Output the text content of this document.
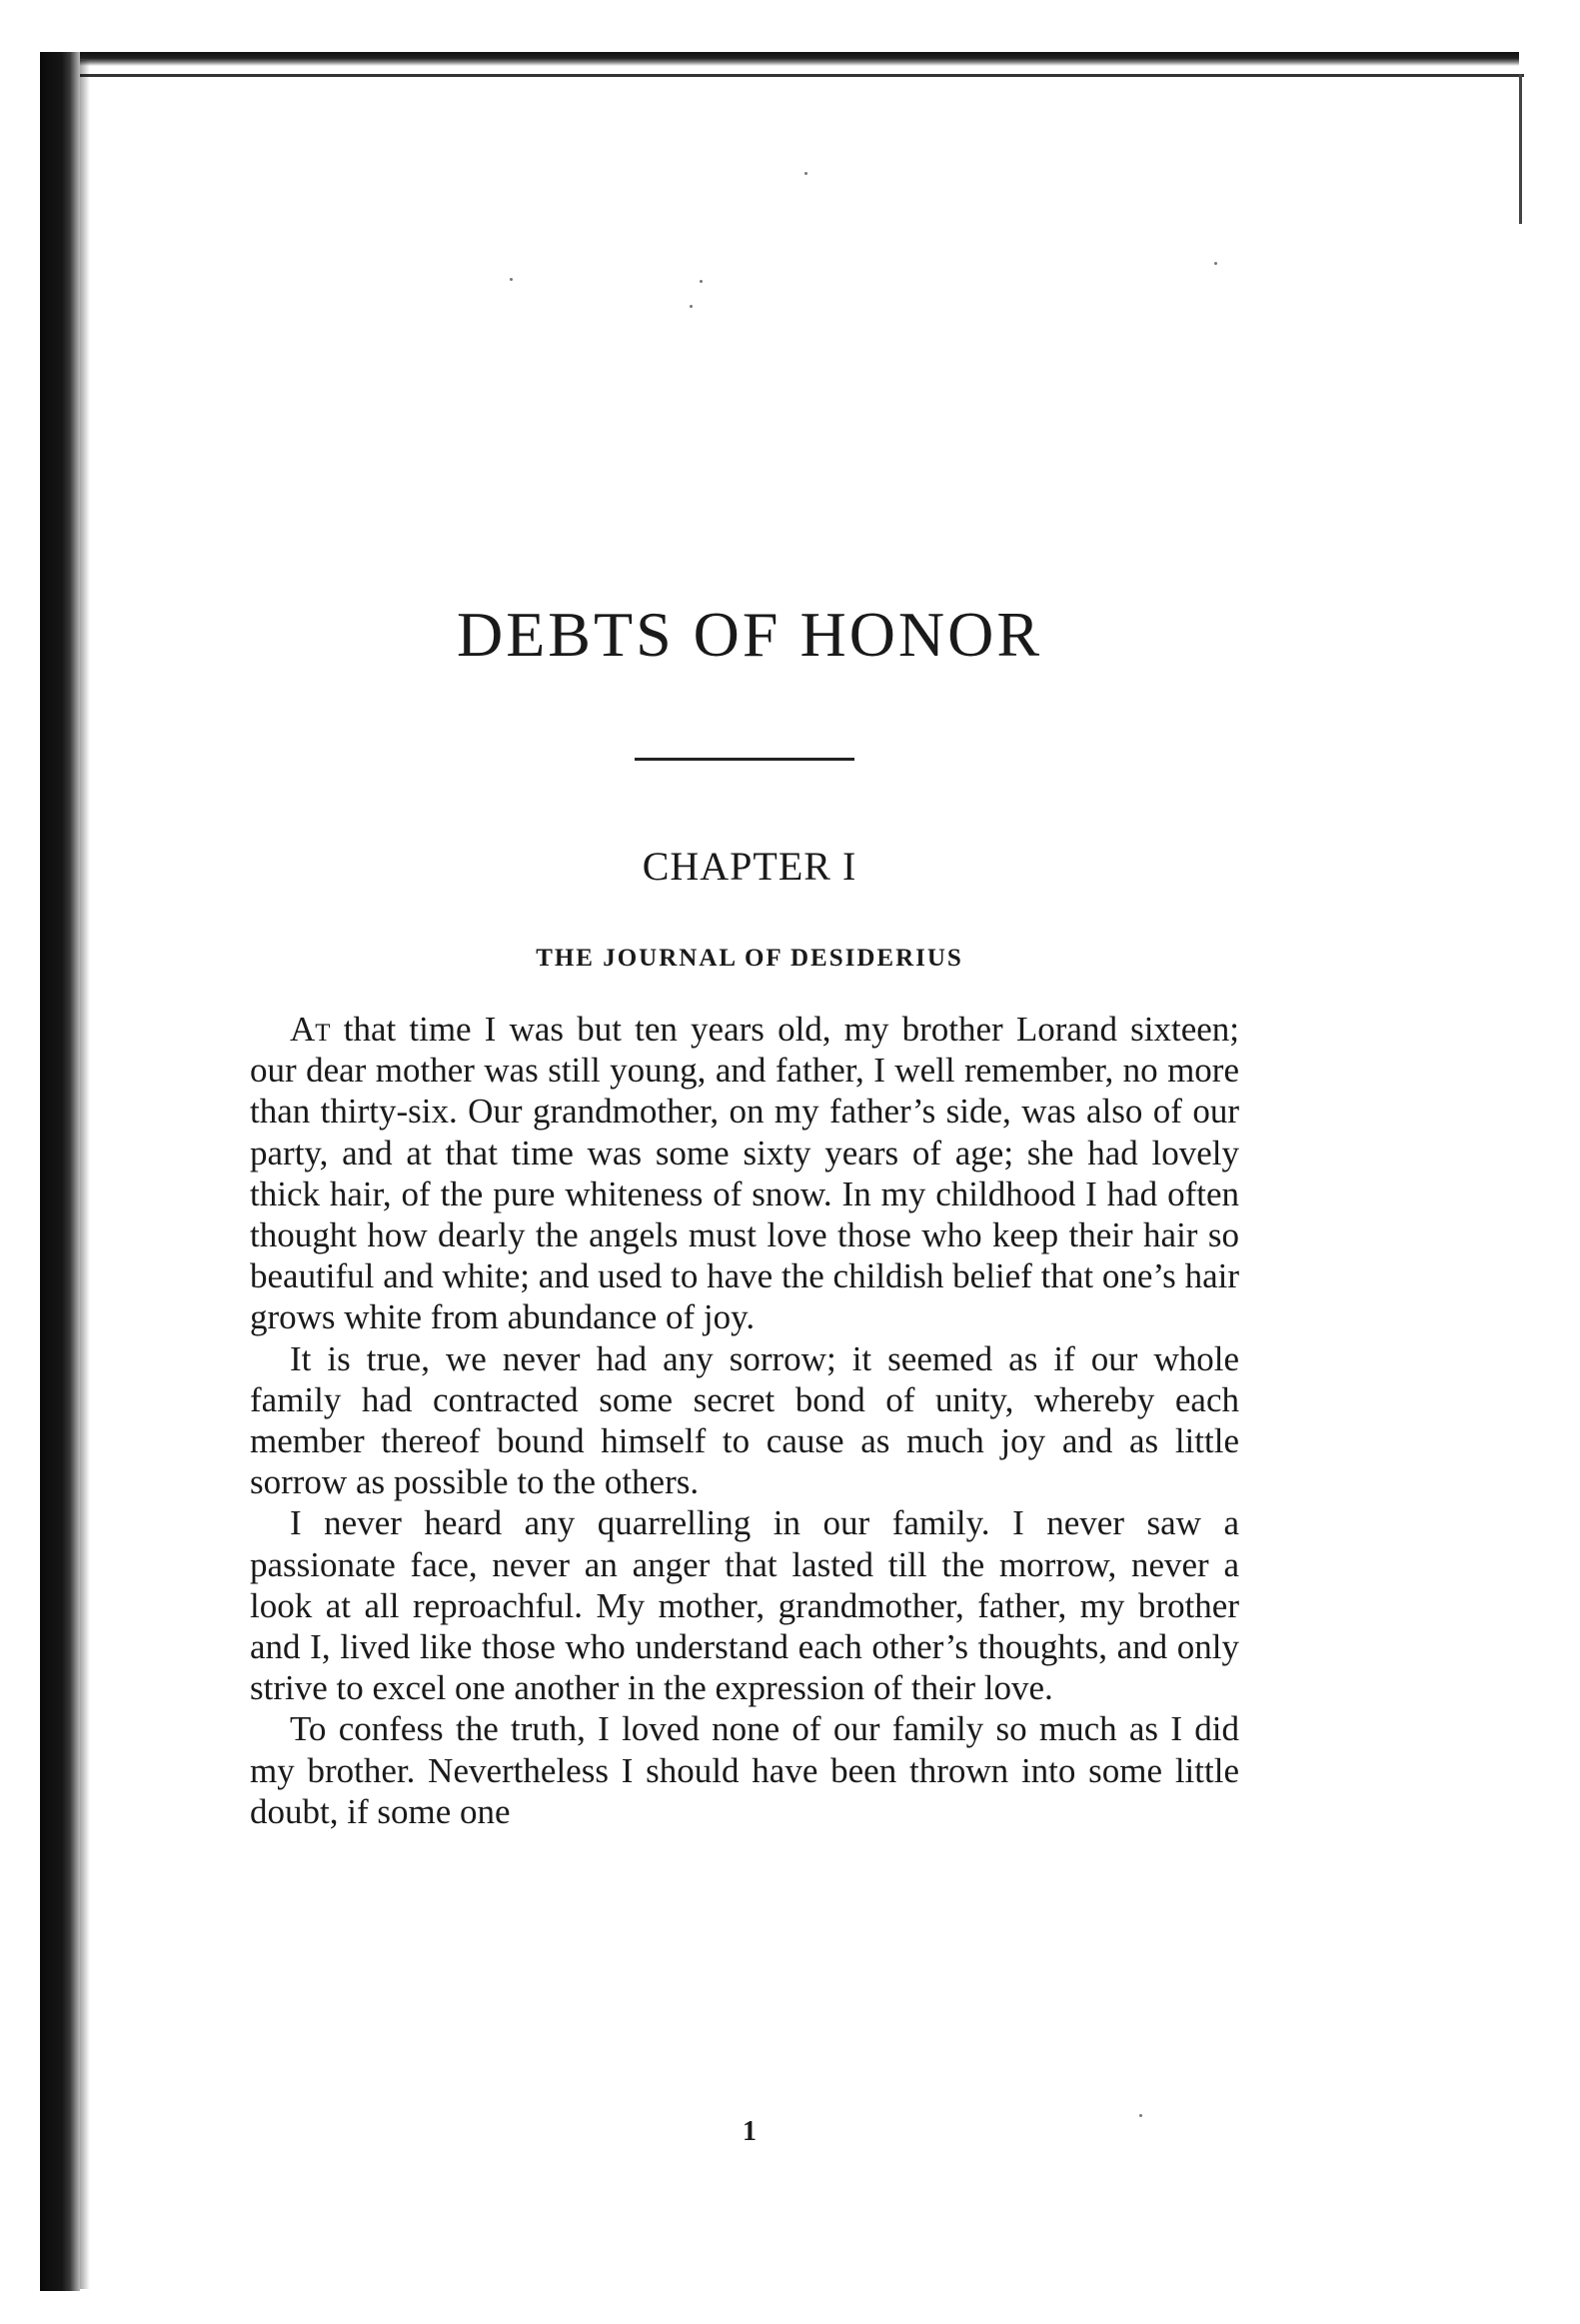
DEBTS OF HONOR
CHAPTER I
THE JOURNAL OF DESIDERIUS

At that time I was but ten years old, my brother Lorand sixteen; our dear mother was still young, and father, I well remember, no more than thirty-six. Our grandmother, on my father’s side, was also of our party, and at that time was some sixty years of age; she had lovely thick hair, of the pure whiteness of snow. In my childhood I had often thought how dearly the angels must love those who keep their hair so beautiful and white; and used to have the childish belief that one’s hair grows white from abundance of joy.

It is true, we never had any sorrow; it seemed as if our whole family had contracted some secret bond of unity, whereby each member thereof bound himself to cause as much joy and as little sorrow as possible to the others.

I never heard any quarrelling in our family. I never saw a passionate face, never an anger that lasted till the morrow, never a look at all reproachful. My mother, grandmother, father, my brother and I, lived like those who understand each other’s thoughts, and only strive to excel one another in the expression of their love.

To confess the truth, I loved none of our family so much as I did my brother. Nevertheless I should have been thrown into some little doubt, if some one

1
